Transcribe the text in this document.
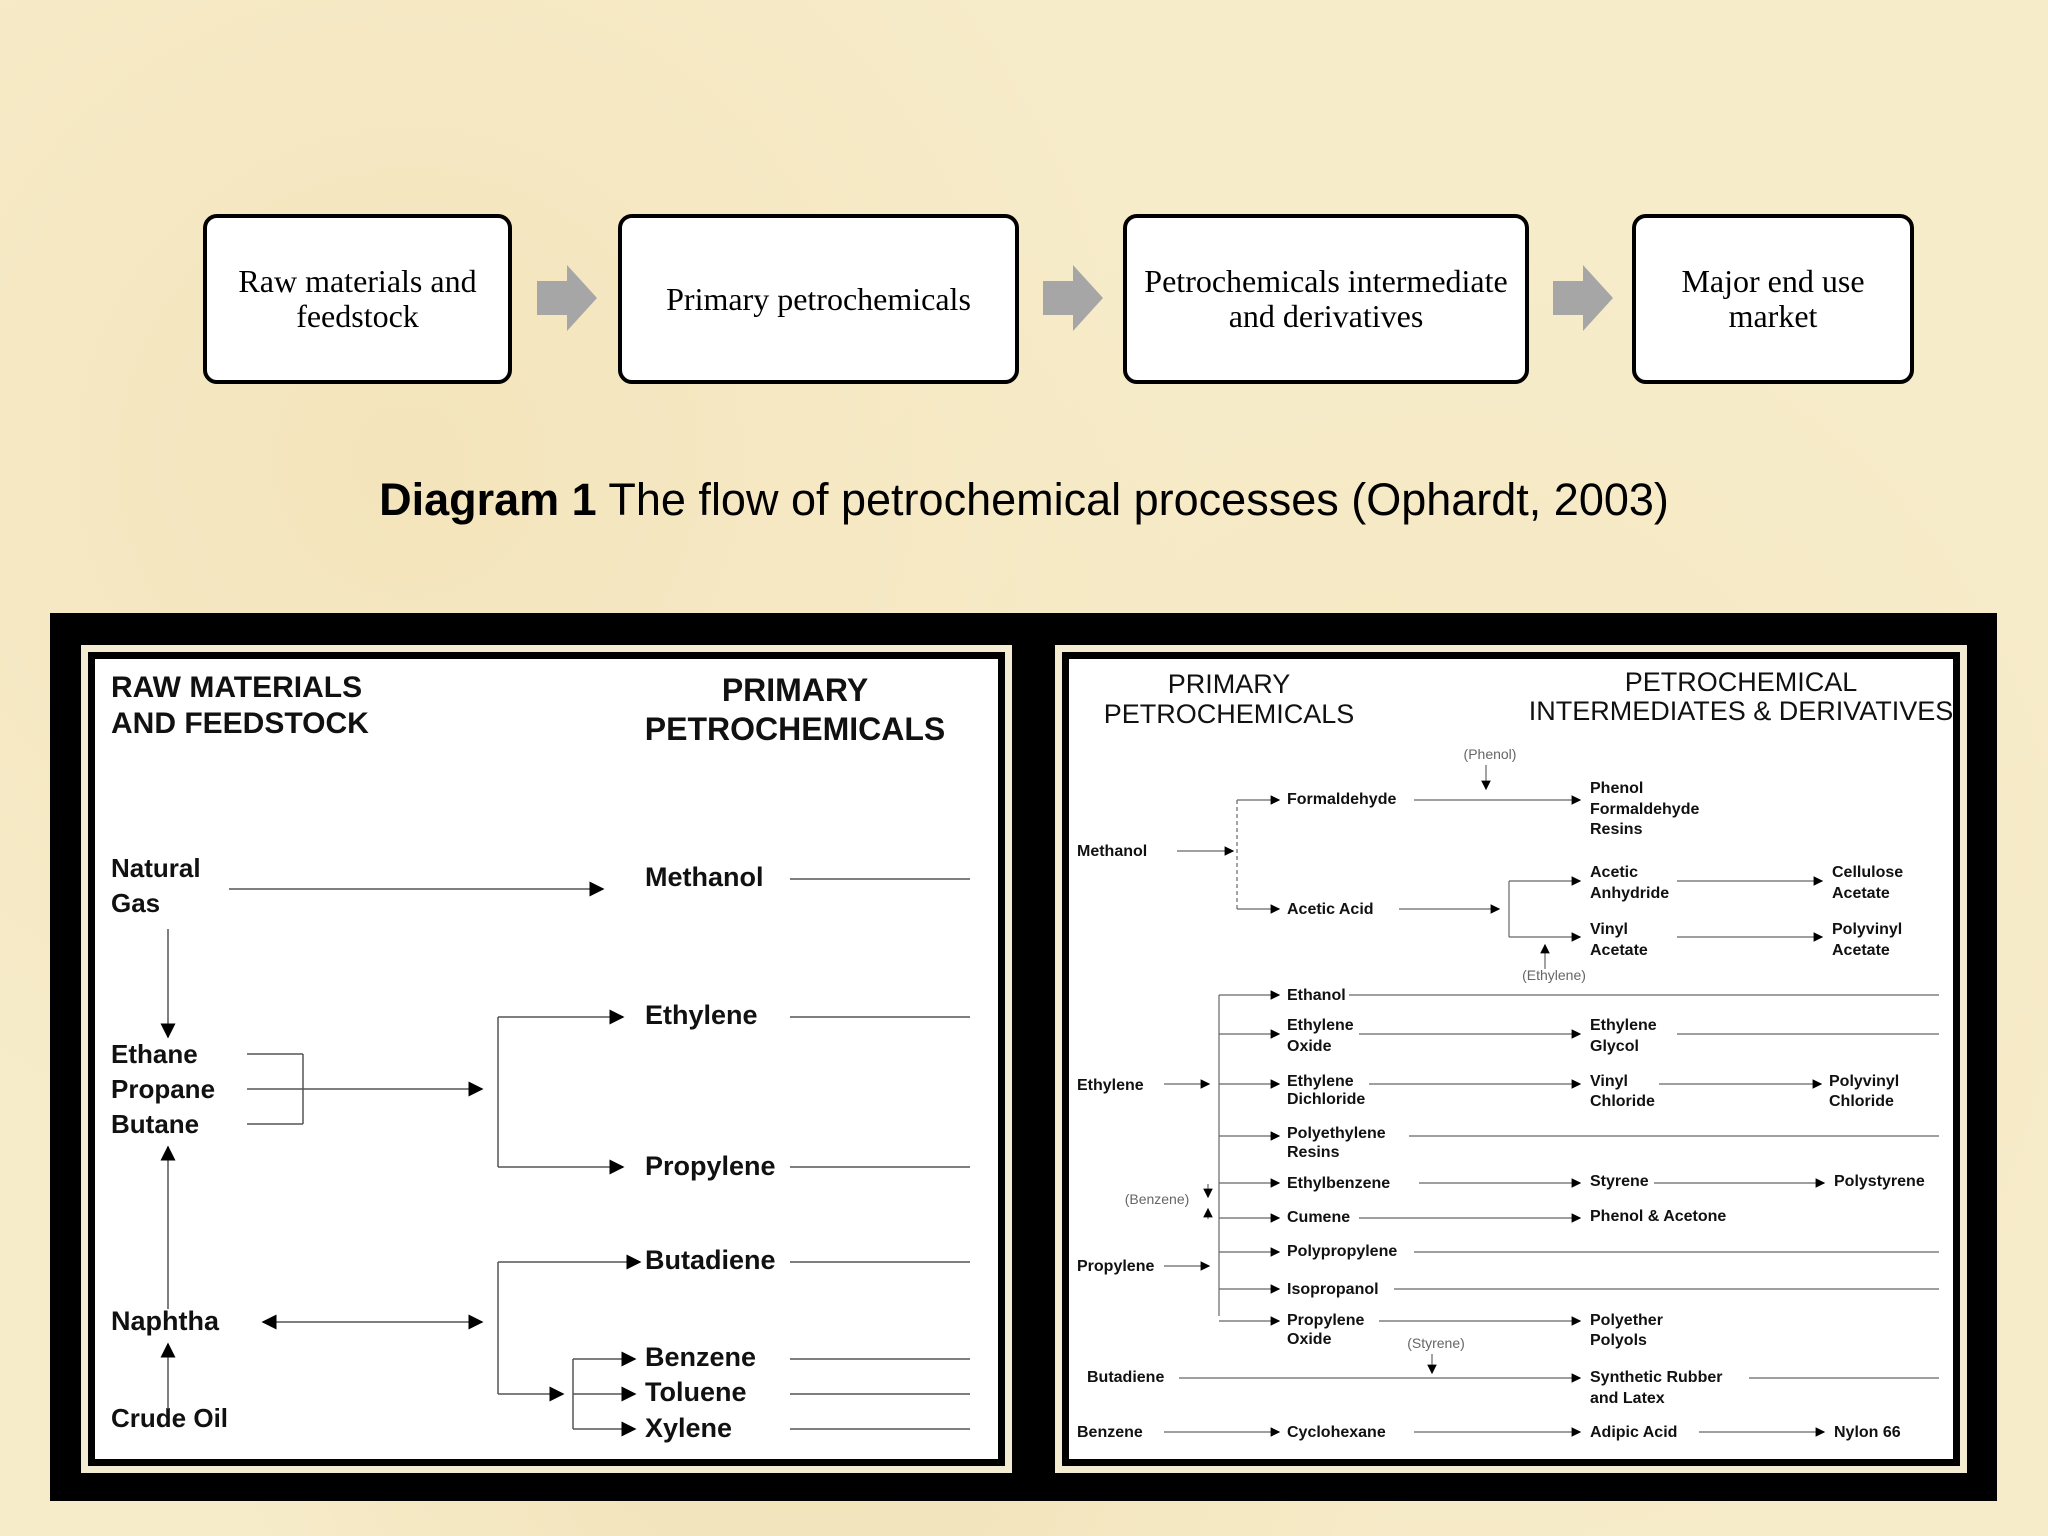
Raw materials and feedstock	Primary petrochemicals	Petrochemicals intermediate and derivatives
Major end use market
Diagram 1 The flow of petrochemical processes (Ophardt, 2003)
RAW MATERIALS
AND FEEDSTOCK
PRIMARY
PETROCHEMICALS
Natural
Gas
Ethane
Propane
Butane
Naphtha
Crude Oil
Methanol
Ethylene
Propylene
Butadiene
Benzene
Toluene
Xylene
PRIMARY
PETROCHEMICALS
PETROCHEMICAL
INTERMEDIATES & DERIVATIVES
(Phenol)
(Ethylene)
(Benzene)
(Styrene)
Methanol
Ethylene
Propylene
Butadiene
Benzene
Formaldehyde
Acetic Acid
Ethanol
Ethylene
Oxide
Ethylene
Dichloride
Polyethylene
Resins
Ethylbenzene
Cumene
Polypropylene
Isopropanol
Propylene
Oxide
Cyclohexane
Phenol
Formaldehyde
Resins
Acetic
Anhydride
Vinyl
Acetate
Ethylene
Glycol
Vinyl
Chloride
Styrene
Phenol & Acetone
Polyether
Polyols
Synthetic Rubber
and Latex
Adipic Acid
Cellulose
Acetate
Polyvinyl
Acetate
Polyvinyl
Chloride
Polystyrene
Nylon 66
